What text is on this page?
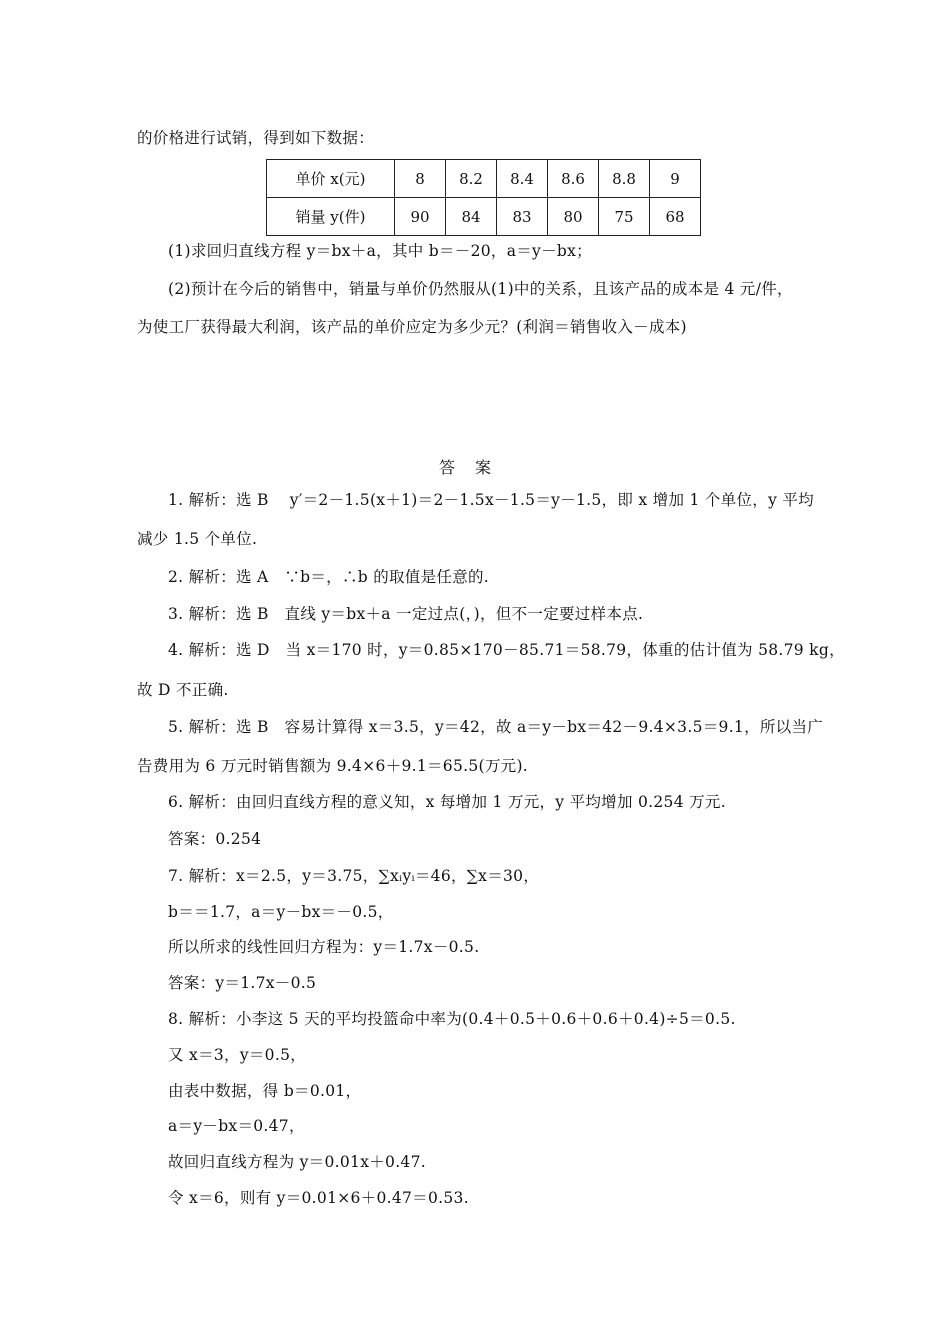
的价格进行试销，得到如下数据：
单价 x(元)	8	8.2	8.4	8.6	8.8	9
销量 y(件)	90	84	83	80	75	68
(1)求回归直线方程 y＝bx＋a，其中 b＝－20，a＝y－bx；
(2)预计在今后的销售中，销量与单价仍然服从(1)中的关系，且该产品的成本是 4 元/件，
为使工厂获得最大利润，该产品的单价应定为多少元？(利润＝销售收入－成本)
答案
1. 解析：选 B　 y′＝2－1.5(x＋1)＝2－1.5x－1.5＝y－1.5，即 x 增加 1 个单位，y 平均
减少 1.5 个单位.
2. 解析：选 A　∵b＝，∴b 的取值是任意的.
3. 解析：选 B　直线 y＝bx＋a 一定过点(，)，但不一定要过样本点.
4. 解析：选 D　当 x＝170 时，y＝0.85×170－85.71＝58.79，体重的估计值为 58.79 kg，
故 D 不正确.
5. 解析：选 B　容易计算得 x＝3.5，y＝42，故 a＝y－bx＝42－9.4×3.5＝9.1，所以当广
告费用为 6 万元时销售额为 9.4×6＋9.1＝65.5(万元).
6. 解析：由回归直线方程的意义知，x 每增加 1 万元，y 平均增加 0.254 万元.
答案：0.254
7. 解析：x＝2.5，y＝3.75，∑xᵢyᵢ＝46，∑x＝30，
b＝＝1.7，a＝y－bx＝－0.5，
所以所求的线性回归方程为：y＝1.7x－0.5.
答案：y＝1.7x－0.5
8. 解析：小李这 5 天的平均投篮命中率为(0.4＋0.5＋0.6＋0.6＋0.4)÷5＝0.5.
又 x＝3，y＝0.5，
由表中数据，得 b＝0.01，
a＝y－bx＝0.47，
故回归直线方程为 y＝0.01x＋0.47.
令 x＝6，则有 y＝0.01×6＋0.47＝0.53.
